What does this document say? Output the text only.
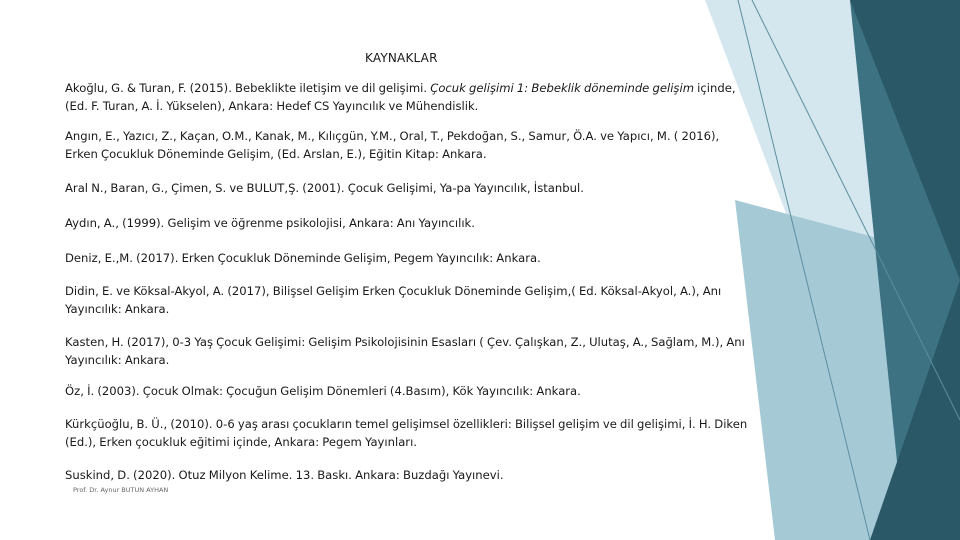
KAYNAKLAR
Akoğlu, G. & Turan, F. (2015). Bebeklikte iletişim ve dil gelişimi. Çocuk gelişimi 1: Bebeklik döneminde gelişim içinde, (Ed. F. Turan, A. İ. Yükselen), Ankara: Hedef CS Yayıncılık ve Mühendislik.
Angın, E., Yazıcı, Z., Kaçan, O.M., Kanak, M., Kılıçgün, Y.M., Oral, T., Pekdoğan, S., Samur, Ö.A. ve Yapıcı, M. ( 2016), Erken Çocukluk Döneminde Gelişim, (Ed. Arslan, E.), Eğitin Kitap: Ankara.
Aral N., Baran, G., Çimen, S. ve BULUT,Ş. (2001). Çocuk Gelişimi, Ya-pa Yayıncılık, İstanbul.
Aydın, A., (1999). Gelişim ve öğrenme psikolojisi, Ankara: Anı Yayıncılık.
Deniz, E.,M. (2017). Erken Çocukluk Döneminde Gelişim, Pegem Yayıncılık: Ankara.
Didin, E. ve Köksal-Akyol, A. (2017), Bilişsel Gelişim Erken Çocukluk Döneminde Gelişim,( Ed. Köksal-Akyol, A.), Anı Yayıncılık: Ankara.
Kasten, H. (2017), 0-3 Yaş Çocuk Gelişimi: Gelişim Psikolojisinin Esasları ( Çev. Çalışkan, Z., Ulutaş, A., Sağlam, M.), Anı Yayıncılık: Ankara.
Öz, İ. (2003). Çocuk Olmak: Çocuğun Gelişim Dönemleri (4.Basım), Kök Yayıncılık: Ankara.
Kürkçüoğlu, B. Ü., (2010). 0-6 yaş arası çocukların temel gelişimsel özellikleri: Bilişsel gelişim ve dil gelişimi, İ. H. Diken (Ed.), Erken çocukluk eğitimi içinde, Ankara: Pegem Yayınları.
Suskind, D. (2020). Otuz Milyon Kelime. 13. Baskı. Ankara: Buzdağı Yayınevi.
Prof. Dr. Aynur BUTUN AYHAN
